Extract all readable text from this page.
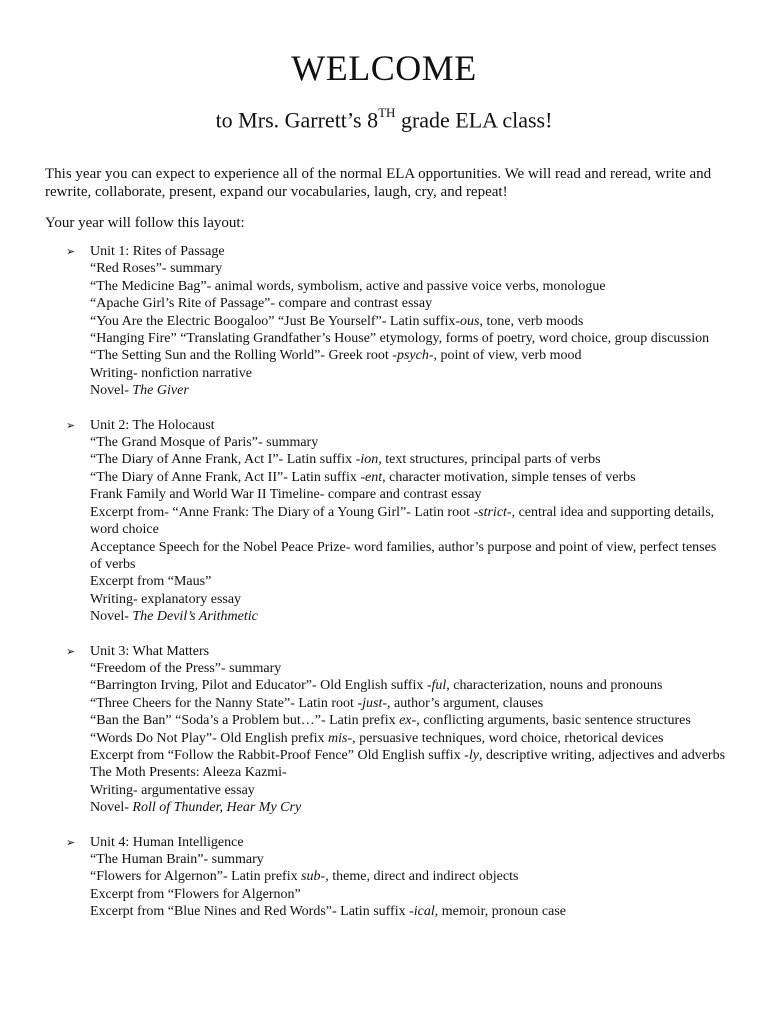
WELCOME
to Mrs. Garrett’s 8TH grade ELA class!
This year you can expect to experience all of the normal ELA opportunities. We will read and reread, write and rewrite, collaborate, present, expand our vocabularies, laugh, cry, and repeat!
Your year will follow this layout:
➢ Unit 1: Rites of Passage
“Red Roses”- summary
“The Medicine Bag”- animal words, symbolism, active and passive voice verbs, monologue
“Apache Girl’s Rite of Passage”- compare and contrast essay
“You Are the Electric Boogaloo” “Just Be Yourself”- Latin suffix-ous, tone, verb moods
“Hanging Fire” “Translating Grandfather’s House” etymology, forms of poetry, word choice, group discussion
“The Setting Sun and the Rolling World”- Greek root -psych-, point of view, verb mood
Writing- nonfiction narrative
Novel- The Giver
➢ Unit 2: The Holocaust
“The Grand Mosque of Paris”- summary
“The Diary of Anne Frank, Act I”- Latin suffix -ion, text structures, principal parts of verbs
“The Diary of Anne Frank, Act II”- Latin suffix -ent, character motivation, simple tenses of verbs
Frank Family and World War II Timeline- compare and contrast essay
Excerpt from- “Anne Frank: The Diary of a Young Girl”- Latin root -strict-, central idea and supporting details, word choice
Acceptance Speech for the Nobel Peace Prize- word families, author’s purpose and point of view, perfect tenses of verbs
Excerpt from “Maus”
Writing- explanatory essay
Novel- The Devil’s Arithmetic
➢ Unit 3: What Matters
“Freedom of the Press”- summary
“Barrington Irving, Pilot and Educator”- Old English suffix -ful, characterization, nouns and pronouns
“Three Cheers for the Nanny State”- Latin root -just-, author’s argument, clauses
“Ban the Ban” “Soda’s a Problem but…”- Latin prefix ex-, conflicting arguments, basic sentence structures
“Words Do Not Play”- Old English prefix mis-, persuasive techniques, word choice, rhetorical devices
Excerpt from “Follow the Rabbit-Proof Fence” Old English suffix -ly, descriptive writing, adjectives and adverbs
The Moth Presents: Aleeza Kazmi-
Writing- argumentative essay
Novel- Roll of Thunder, Hear My Cry
➢ Unit 4: Human Intelligence
“The Human Brain”- summary
“Flowers for Algernon”- Latin prefix sub-, theme, direct and indirect objects
Excerpt from “Flowers for Algernon”
Excerpt from “Blue Nines and Red Words”- Latin suffix -ical, memoir, pronoun case
